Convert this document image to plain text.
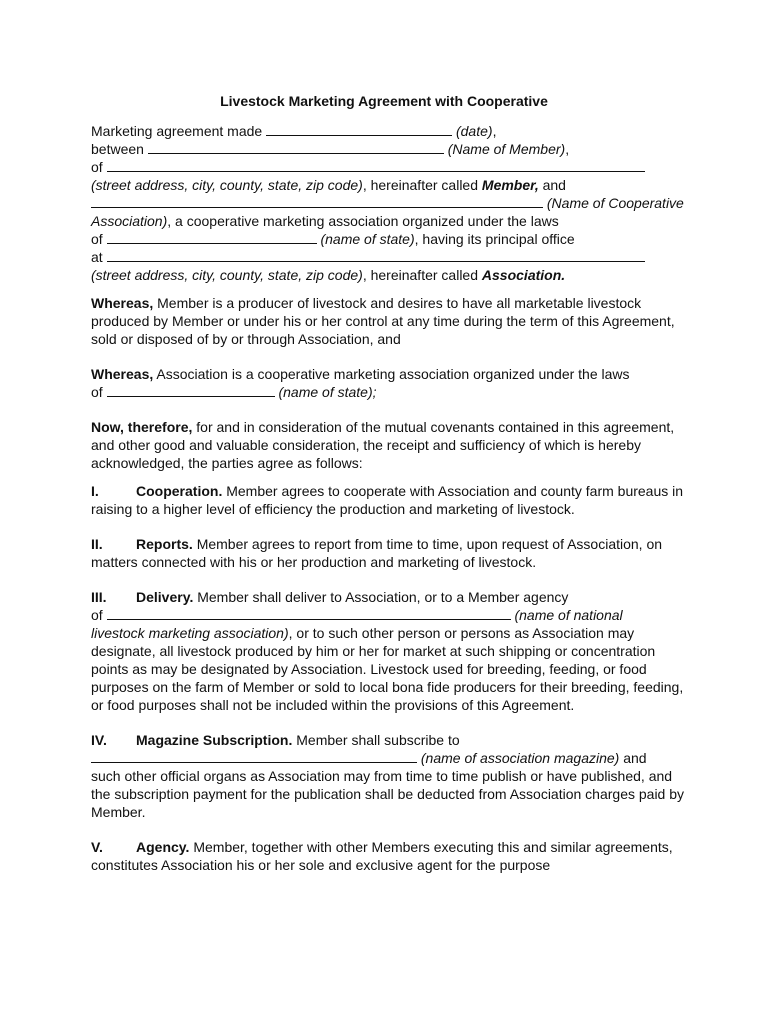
Livestock Marketing Agreement with Cooperative

Marketing agreement made	(date),

between	(Name of Member),

of

(street address, city, county, state, zip code), hereinafter called Member, and

(Name of Cooperative

Association), a cooperative marketing association organized under the laws

of	(name of state), having its principal office

at

(street address, city, county, state, zip code), hereinafter called Association.

Whereas, Member is a producer of livestock and desires to have all marketable livestock produced by Member or under his or her control at any time during the term of this Agreement, sold or disposed of by or through Association, and

Whereas, Association is a cooperative marketing association organized under the laws

of	(name of state);

Now, therefore, for and in consideration of the mutual covenants contained in this agreement, and other good and valuable consideration, the receipt and sufficiency of which is hereby acknowledged, the parties agree as follows:

I.	Cooperation. Member agrees to cooperate with Association and county farm bureaus in raising to a higher level of efficiency the production and marketing of livestock.

II. Reports. Member agrees to report from time to time, upon request of Association, on matters connected with his or her production and marketing of livestock.

III. Delivery. Member shall deliver to Association, or to a Member agency

of	(name of national

livestock marketing association), or to such other person or persons as Association may designate, all livestock produced by him or her for market at such shipping or concentration points as may be designated by Association. Livestock used for breeding, feeding, or food purposes on the farm of Member or sold to local bona fide producers for their breeding, feeding, or food purposes shall not be included within the provisions of this Agreement.

IV. Magazine Subscription. Member shall subscribe to

(name of association magazine) and

such other official organs as Association may from time to time publish or have published, and the subscription payment for the publication shall be deducted from Association charges paid by Member.

V. Agency. Member, together with other Members executing this and similar agreements, constitutes Association his or her sole and exclusive agent for the purpose
